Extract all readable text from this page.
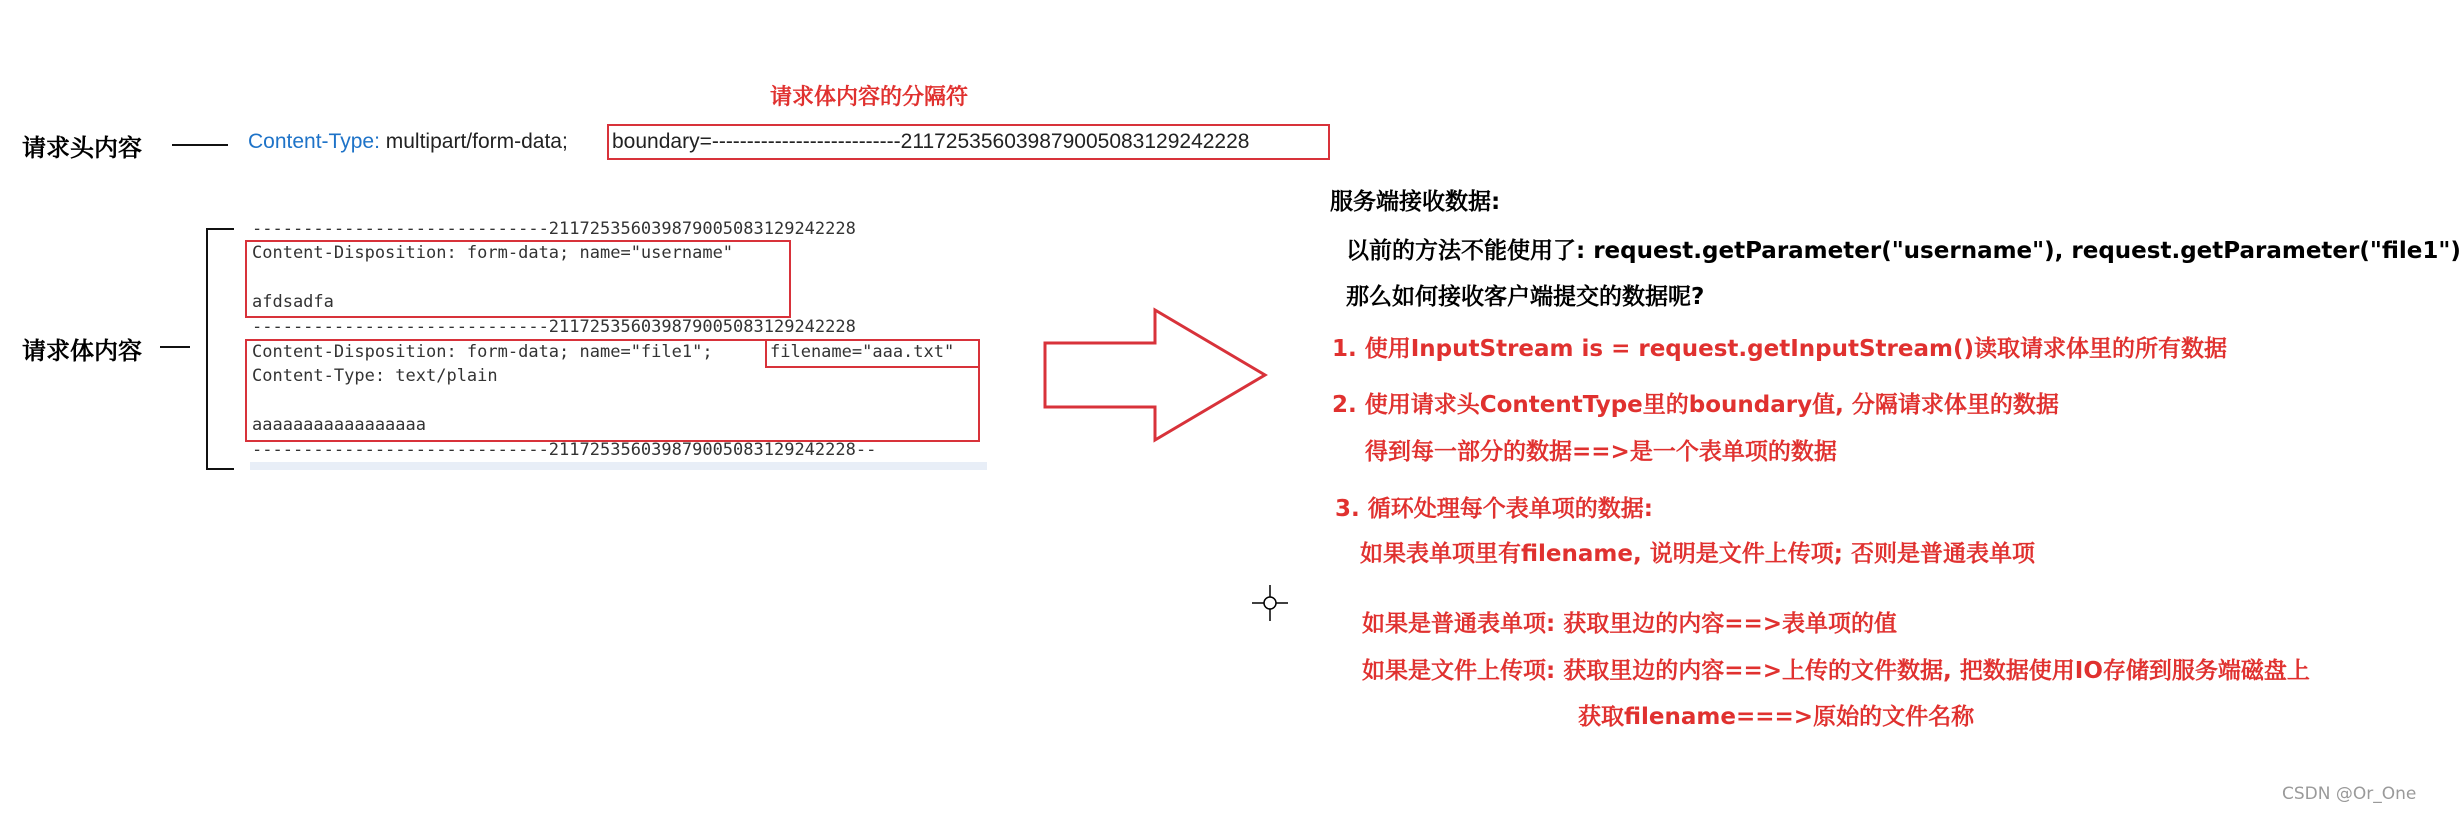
请求体内容的分隔符
请求头内容	Content-Type: multipart/form-data; boundary=---------------------------211725356039879005083129242228
请求体内容
-----------------------------211725356039879005083129242228
Content-Disposition: form-data; name="username"
afdsadfa
-----------------------------211725356039879005083129242228
Content-Disposition: form-data; name="file1";	filename="aaa.txt"
Content-Type: text/plain
aaaaaaaaaaaaaaaaa
-----------------------------211725356039879005083129242228--
服务端接收数据:
以前的方法不能使用了: request.getParameter("username"), request.getParameter("file1")
那么如何接收客户端提交的数据呢?
1. 使用InputStream is = request.getInputStream()读取请求体里的所有数据
2. 使用请求头ContentType里的boundary值, 分隔请求体里的数据
得到每一部分的数据==>是一个表单项的数据
3. 循环处理每个表单项的数据:
如果表单项里有filename, 说明是文件上传项; 否则是普通表单项
如果是普通表单项: 获取里边的内容==>表单项的值
如果是文件上传项: 获取里边的内容==>上传的文件数据, 把数据使用IO存储到服务端磁盘上
获取filename===>原始的文件名称
CSDN @Or_One
